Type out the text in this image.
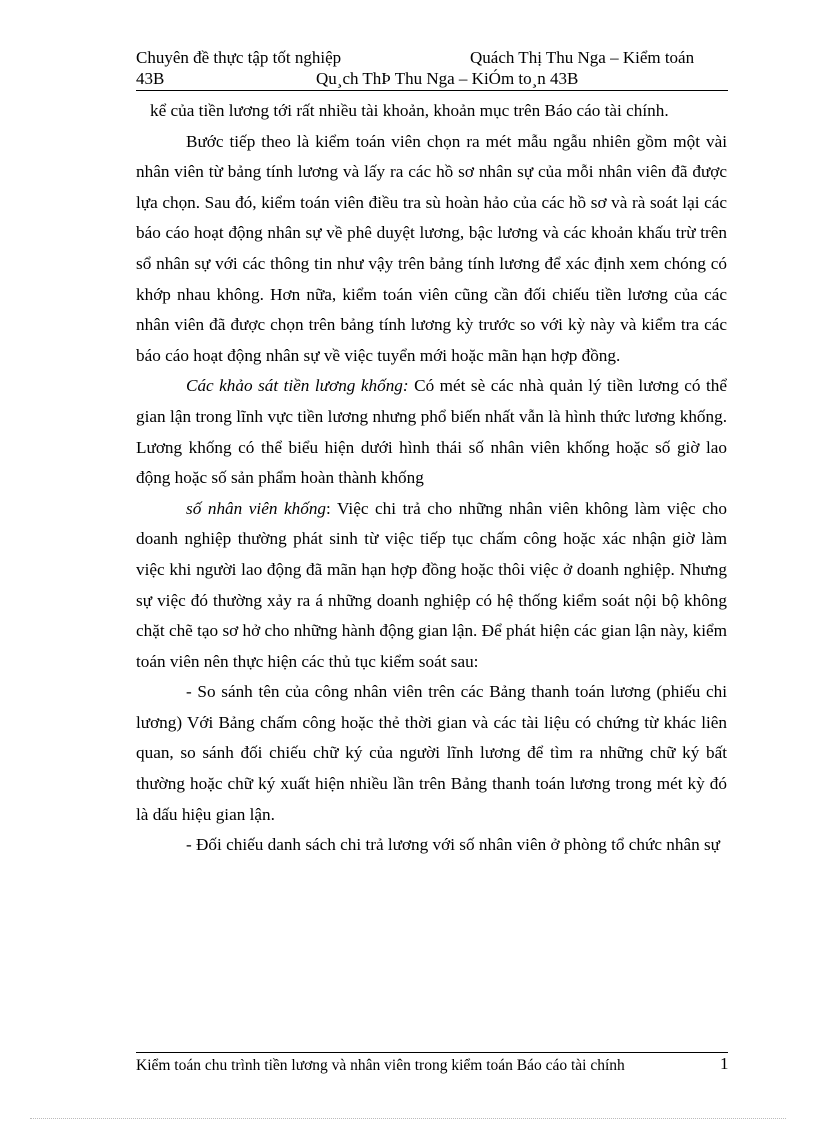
Chuyên đề thực tập tốt nghiệp	Quách Thị Thu Nga – Kiểm toán
43B	Qu¸ch ThÞ Thu Nga – KiÓm to¸n 43B

kể của tiền lương tới rất nhiều tài khoản, khoản mục trên Báo cáo tài chính.

Bước tiếp theo là kiểm toán viên chọn ra mét mẫu ngẫu nhiên gồm một vài nhân viên từ bảng tính lương và lấy ra các hồ sơ nhân sự của mỗi nhân viên đã được lựa chọn. Sau đó, kiểm toán viên điều tra sù hoàn hảo của các hồ sơ và rà soát lại các báo cáo hoạt động nhân sự về phê duyệt lương, bậc lương và các khoản khấu trừ trên sổ nhân sự với các thông tin như vậy trên bảng tính lương để xác định xem chóng có khớp nhau không. Hơn nữa, kiểm toán viên cũng cần đối chiếu tiền lương của các nhân viên đã được chọn trên bảng tính lương kỳ trước so với kỳ này và kiểm tra các báo cáo hoạt động nhân sự về việc tuyển mới hoặc mãn hạn hợp đồng.

Các khảo sát tiền lương khống: Có mét sè các nhà quản lý tiền lương có thể gian lận trong lĩnh vực tiền lương nhưng phổ biến nhất vẫn là hình thức lương khống. Lương khống có thể biểu hiện dưới hình thái số nhân viên khống hoặc số giờ lao động hoặc số sản phẩm hoàn thành khống

số nhân viên khống: Việc chi trả cho những nhân viên không làm việc cho doanh nghiệp thường phát sinh từ việc tiếp tục chấm công hoặc xác nhận giờ làm việc khi người lao động đã mãn hạn hợp đồng hoặc thôi việc ở doanh nghiệp. Nhưng sự việc đó thường xảy ra á những doanh nghiệp có hệ thống kiểm soát nội bộ không chặt chẽ tạo sơ hở cho những hành động gian lận. Để phát hiện các gian lận này, kiểm toán viên nên thực hiện các thủ tục kiểm soát sau:

- So sánh tên của công nhân viên trên các Bảng thanh toán lương (phiếu chi lương) Với Bảng chấm công hoặc thẻ thời gian và các tài liệu có chứng từ khác liên quan, so sánh đối chiếu chữ ký của người lĩnh lương để tìm ra những chữ ký bất thường hoặc chữ ký xuất hiện nhiều lần trên Bảng thanh toán lương trong mét kỳ đó là dấu hiệu gian lận.

- Đối chiếu danh sách chi trả lương với số nhân viên ở phòng tổ chức nhân sự

Kiểm toán chu trình tiền lương và nhân viên trong kiểm toán Báo cáo tài chính	1
